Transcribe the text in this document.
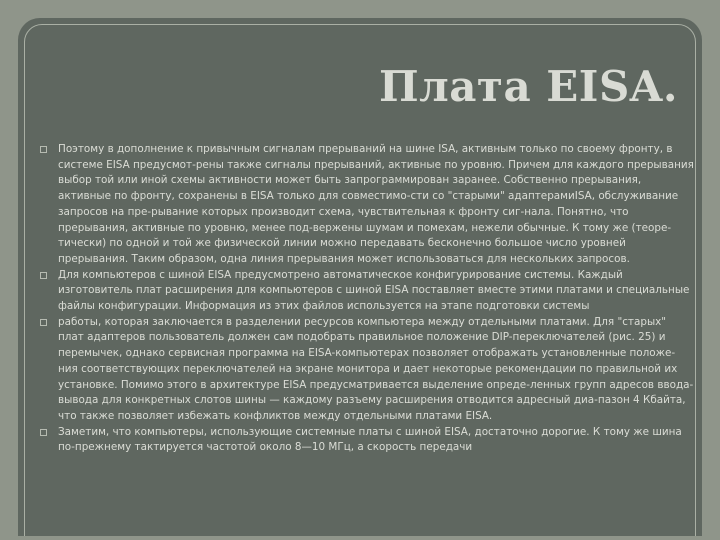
Плата EISA.

Поэтому в дополнение к привычным сигналам прерываний на шине ISA, активным только по своему фронту, в системе EISA предусмот-рены также сигналы прерываний, активные по уровню. Причем для каждого прерывания выбор той или иной схемы активности может быть запрограммирован заранее. Собственно прерывания, активные по фронту, сохранены в EISA только для совместимо-сти со "старыми" адаптерамиISA, обслуживание запросов на пре-рывание которых производит схема, чувствительная к фронту сиг-нала. Понятно, что прерывания, активные по уровню, менее под-вержены шумам и помехам, нежели обычные. К тому же (теоре-тически) по одной и той же физической линии можно передавать бесконечно большое число уровней прерывания. Таким образом, одна линия прерывания может использоваться для нескольких запросов.

Для компьютеров с шиной EISA предусмотрено автоматическое конфигурирование системы. Каждый изготовитель плат расширения для компьютеров с шиной EISA поставляет вместе этими платами и специальные файлы конфигурации. Информация из этих файлов используется на этапе подготовки системы

работы, которая заключается в разделении ресурсов компьютера между отдельными платами. Для "старых" плат адаптеров пользователь должен сам подобрать правильное положение DIP-переключателей (рис. 25) и перемычек, однако сервисная программа на EISA-компьютерах позволяет отображать установленные положе-ния соответствующих переключателей на экране монитора и дает некоторые рекомендации по правильной их установке. Помимо этого в архитектуре EISA предусматривается выделение опреде-ленных групп адресов ввода-вывода для конкретных слотов шины — каждому разъему расширения отводится адресный диа-пазон 4 Кбайта, что также позволяет избежать конфликтов между отдельными платами EISA.

Заметим, что компьютеры, использующие системные платы с шиной EISA, достаточно дорогие. К тому же шина по-прежнему тактируется частотой около 8—10 МГц, а скорость передачи
